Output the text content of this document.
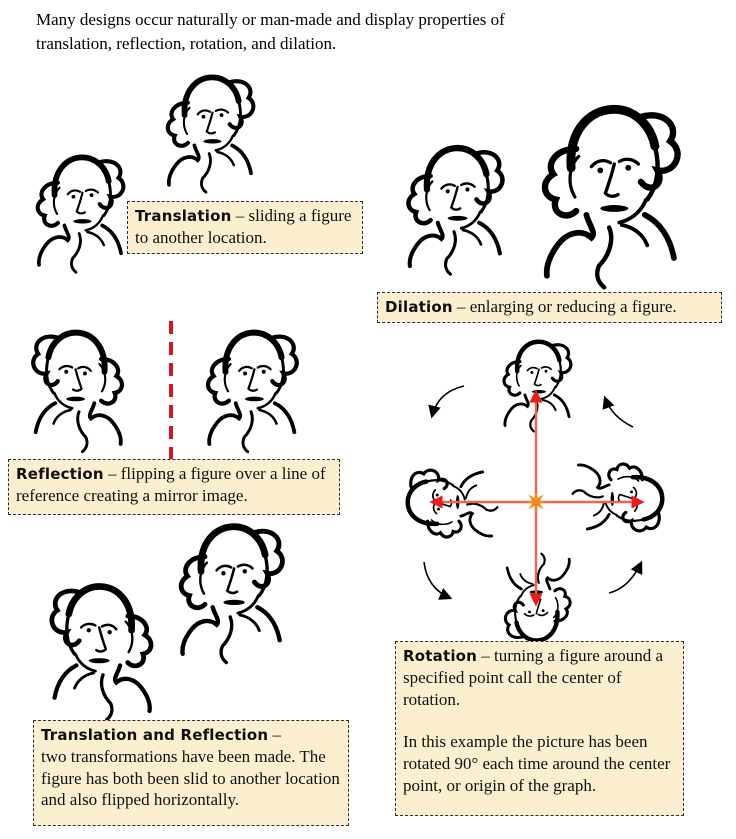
Many designs occur naturally or man-made and display properties of
translation, reflection, rotation, and dilation.

Translation – sliding a figure to another location.

Dilation – enlarging or reducing a figure.

Reflection – flipping a figure over a line of reference creating a mirror image.

Rotation – turning a figure around a specified point call the center of rotation.

In this example the picture has been rotated 90° each time around the center point, or origin of the graph.

Translation and Reflection –

two transformations have been made. The figure has both been slid to another location and also flipped horizontally.
